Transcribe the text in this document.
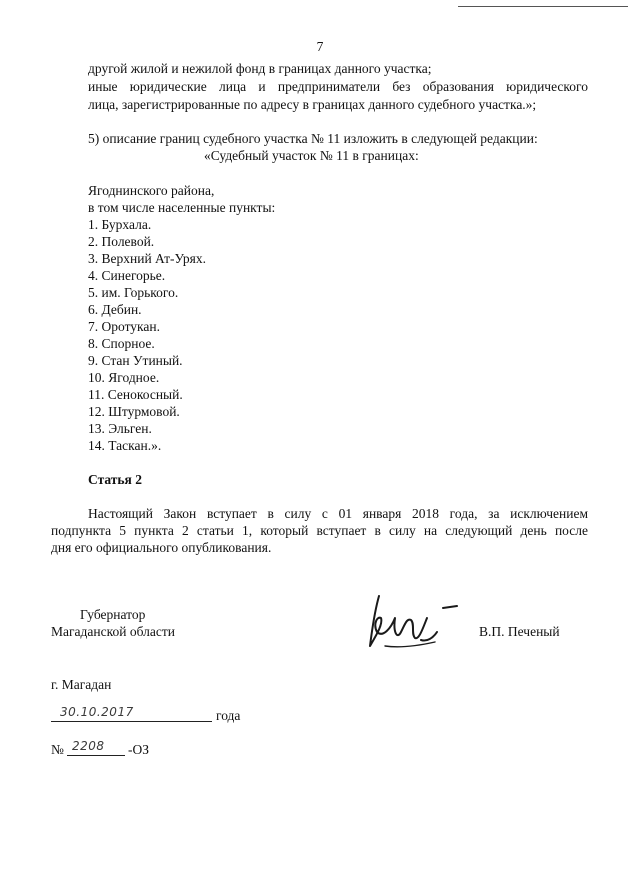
7
другой жилой и нежилой фонд в границах данного участка;
иные юридические лица и предприниматели без образования юридического
лица, зарегистрированные по адресу в границах данного судебного участка.»;
5) описание границ судебного участка № 11 изложить в следующей редакции:
«Судебный участок № 11 в границах:
Ягоднинского района,
в том числе населенные пункты:
1. Бурхала.
2. Полевой.
3. Верхний Ат-Урях.
4. Синегорье.
5. им. Горького.
6. Дебин.
7. Оротукан.
8. Спорное.
9. Стан Утиный.
10. Ягодное.
11. Сенокосный.
12. Штурмовой.
13. Эльген.
14. Таскан.».
Статья 2
Настоящий Закон вступает в силу с 01 января 2018 года, за исключением
подпункта 5 пункта 2 статьи 1, который вступает в силу на следующий день после
дня его официального опубликования.
Губернатор
Магаданской области	В.П. Печеный
г. Магадан
30.10.2017	года
№ 2208 -ОЗ
